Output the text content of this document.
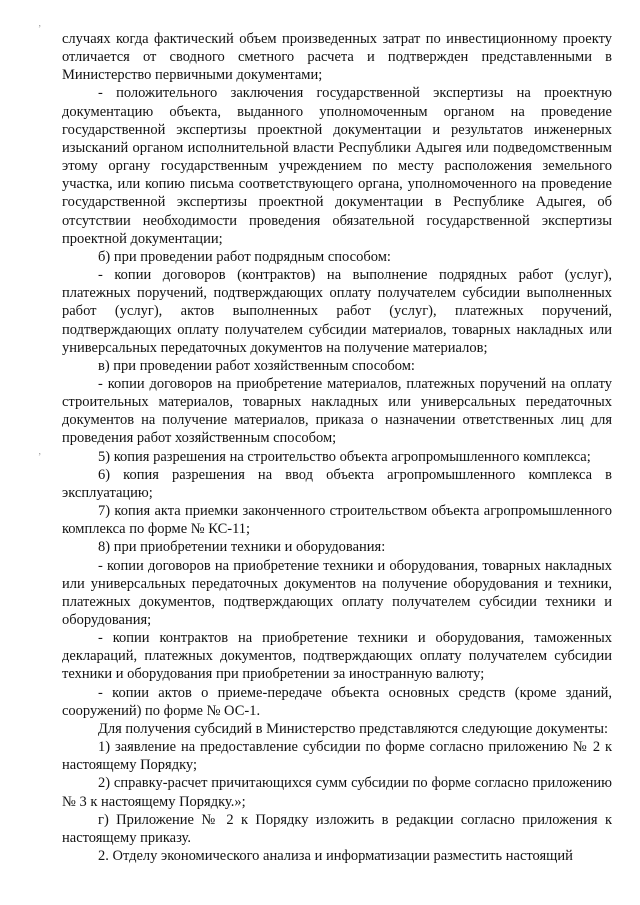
‚
‚

случаях когда фактический объем произведенных затрат по инвестиционному проекту отличается от сводного сметного расчета и подтвержден представленными в Министерство первичными документами;

- положительного заключения государственной экспертизы на проектную документацию объекта, выданного уполномоченным органом на проведение государственной экспертизы проектной документации и результатов инженерных изысканий органом исполнительной власти Республики Адыгея или подведомственным этому органу государственным учреждением по месту расположения земельного участка, или копию письма соответствующего органа, уполномоченного на проведение государственной экспертизы проектной документации в Республике Адыгея, об отсутствии необходимости проведения обязательной государственной экспертизы проектной документации;

б) при проведении работ подрядным способом:

- копии договоров (контрактов) на выполнение подрядных работ (услуг), платежных поручений, подтверждающих оплату получателем субсидии выполненных работ (услуг), актов выполненных работ (услуг), платежных поручений, подтверждающих оплату получателем субсидии материалов, товарных накладных или универсальных передаточных документов на получение материалов;

в) при проведении работ хозяйственным способом:

- копии договоров на приобретение материалов, платежных поручений на оплату строительных материалов, товарных накладных или универсальных передаточных документов на получение материалов, приказа о назначении ответственных лиц для проведения работ хозяйственным способом;

5) копия разрешения на строительство объекта агропромышленного комплекса;

6) копия разрешения на ввод объекта агропромышленного комплекса в эксплуатацию;

7) копия акта приемки законченного строительством объекта агропромышленного комплекса по форме № КС-11;

8) при приобретении техники и оборудования:

- копии договоров на приобретение техники и оборудования, товарных накладных или универсальных передаточных документов на получение оборудования и техники, платежных документов, подтверждающих оплату получателем субсидии техники и оборудования;

- копии контрактов на приобретение техники и оборудования, таможенных деклараций, платежных документов, подтверждающих оплату получателем субсидии техники и оборудования при приобретении за иностранную валюту;

- копии актов о приеме-передаче объекта основных средств (кроме зданий, сооружений) по форме № ОС-1.

Для получения субсидий в Министерство представляются следующие документы:

1) заявление на предоставление субсидии по форме согласно приложению № 2 к настоящему Порядку;

2) справку-расчет причитающихся сумм субсидии по форме согласно приложению № 3 к настоящему Порядку.»;

г) Приложение № 2 к Порядку изложить в редакции согласно приложения к настоящему приказу.

2. Отделу экономического анализа и информатизации разместить настоящий
